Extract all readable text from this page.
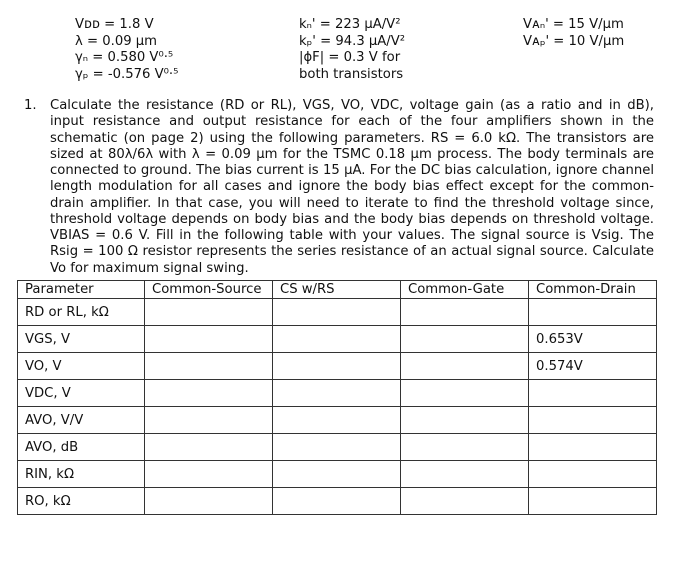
Vᴅᴅ = 1.8 V
λ = 0.09 μm
γₙ = 0.580 V⁰·⁵
γₚ = -0.576 V⁰·⁵
kₙ' = 223 μA/V²
kₚ' = 94.3 μA/V²
|ϕF| = 0.3 V for
both transistors
Vᴀₙ' = 15 V/μm
Vᴀₚ' = 10 V/μm
1. Calculate the resistance (RD or RL), VGS, VO, VDC, voltage gain (as a ratio and in dB), input resistance and output resistance for each of the four amplifiers shown in the schematic (on page 2) using the following parameters. RS = 6.0 kΩ. The transistors are sized at 80λ/6λ with λ = 0.09 μm for the TSMC 0.18 μm process. The body terminals are connected to ground. The bias current is 15 μA. For the DC bias calculation, ignore channel length modulation for all cases and ignore the body bias effect except for the common-drain amplifier. In that case, you will need to iterate to find the threshold voltage since, threshold voltage depends on body bias and the body bias depends on threshold voltage. VBIAS = 0.6 V. Fill in the following table with your values. The signal source is Vsig. The Rsig = 100 Ω resistor represents the series resistance of an actual signal source. Calculate Vo for maximum signal swing.
Parameter	Common-Source	CS w/RS	Common-Gate	Common-Drain
RD or RL, kΩ				
VGS, V				0.653V
VO, V				0.574V
VDC, V				
AVO, V/V				
AVO, dB				
RIN, kΩ				
RO, kΩ				
